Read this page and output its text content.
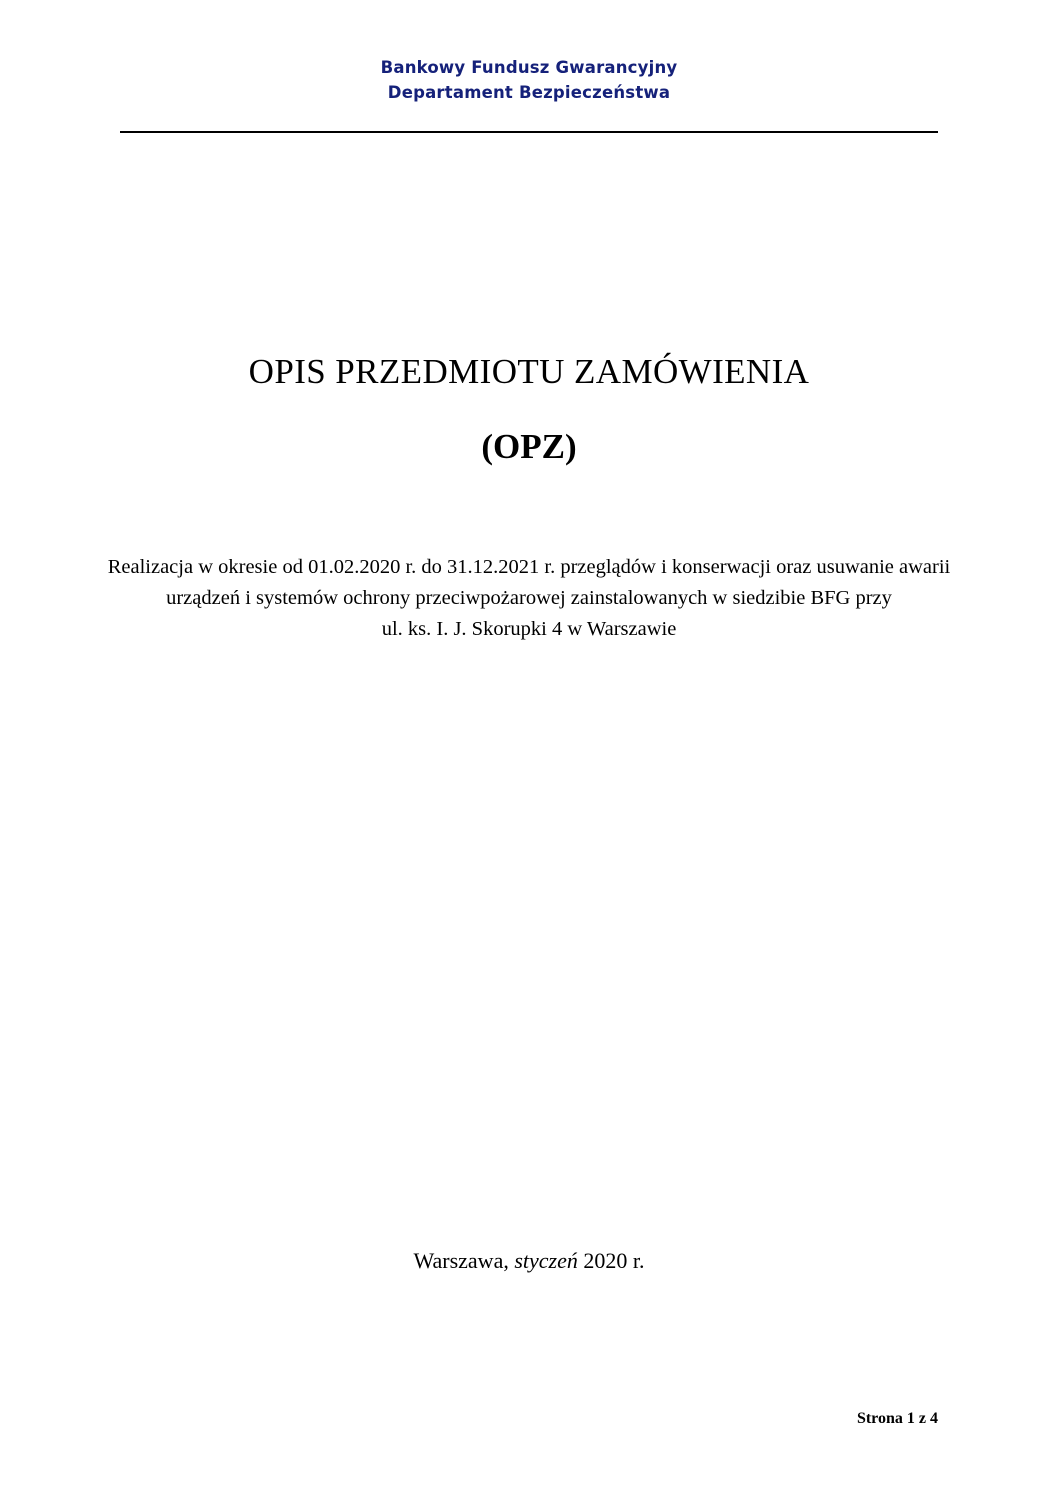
Bankowy Fundusz Gwarancyjny
Departament Bezpieczeństwa
OPIS PRZEDMIOTU ZAMÓWIENIA
(OPZ)
Realizacja w okresie od 01.02.2020 r. do 31.12.2021 r. przeglądów i konserwacji oraz usuwanie awarii
urządzeń i systemów ochrony przeciwpożarowej zainstalowanych w siedzibie BFG przy
ul. ks. I. J. Skorupki 4 w Warszawie
Warszawa, styczeń 2020 r.
Strona 1 z 4
